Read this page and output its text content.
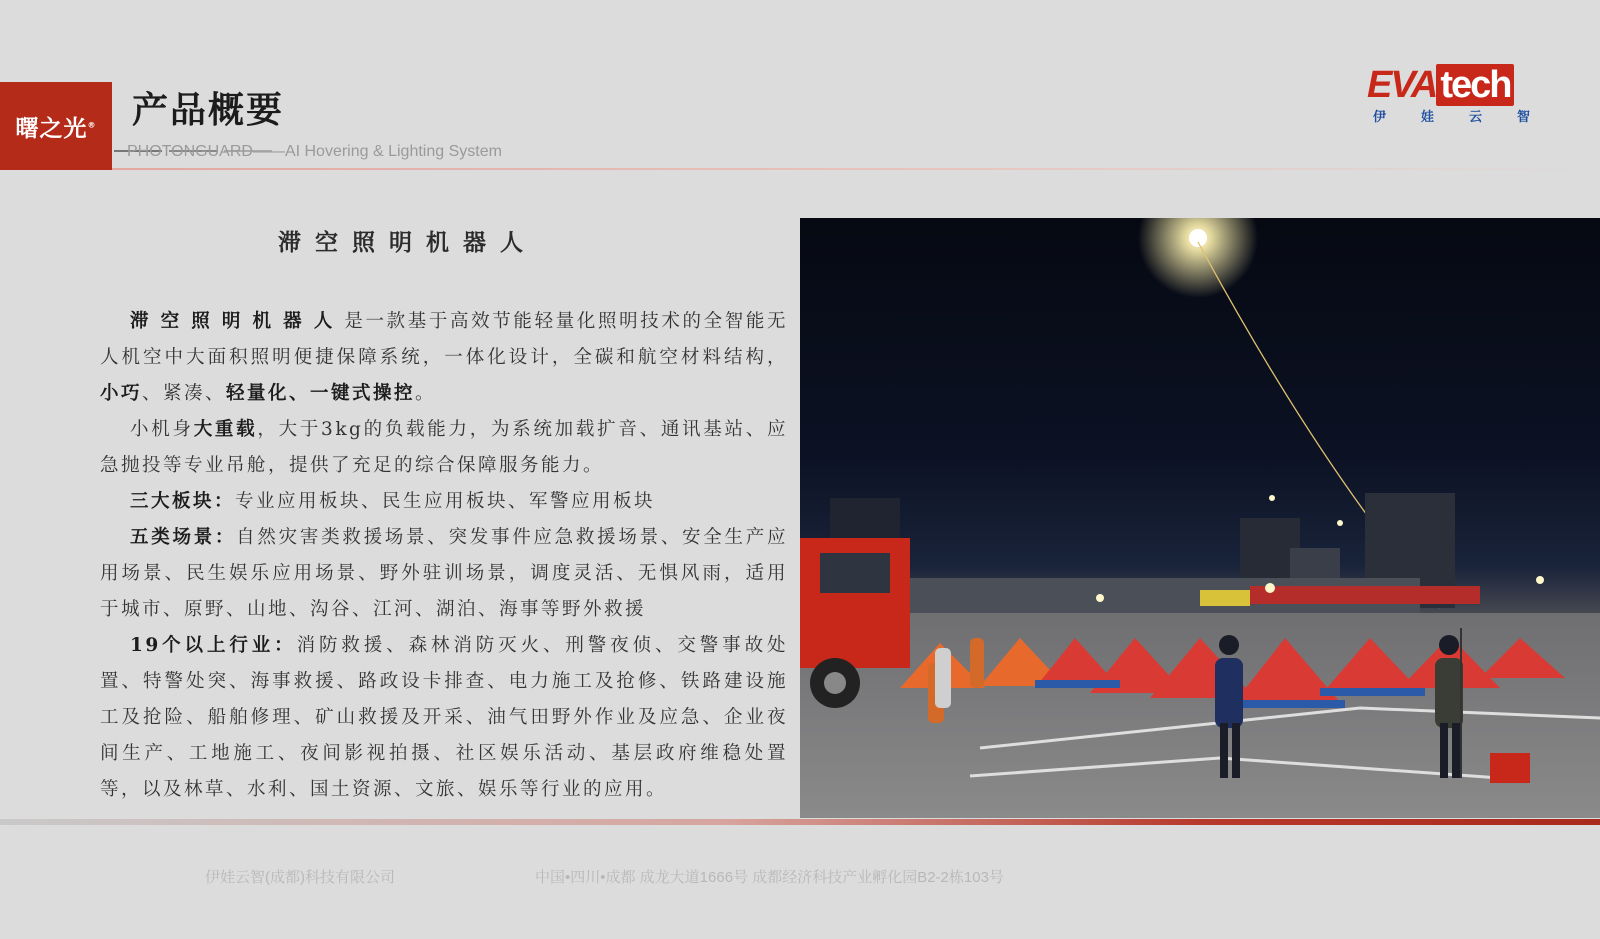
曙之光® 产品概要
PHOTONGUARD——AI Hovering & Lighting System
EVA tech
伊	娃	云	智
滞空照明机器人

滞空照明机器人是一款基于高效节能轻量化照明技术的全智能无人机空中大面积照明便捷保障系统，一体化设计，全碳和航空材料结构，小巧、紧凑、轻量化、一键式操控。

小机身大重载，大于3kg的负载能力，为系统加载扩音、通讯基站、应急抛投等专业吊舱，提供了充足的综合保障服务能力。

三大板块：专业应用板块、民生应用板块、军警应用板块

五类场景：自然灾害类救援场景、突发事件应急救援场景、安全生产应用场景、民生娱乐应用场景、野外驻训场景，调度灵活、无惧风雨，适用于城市、原野、山地、沟谷、江河、湖泊、海事等野外救援

19个以上行业：消防救援、森林消防灭火、刑警夜侦、交警事故处置、特警处突、海事救援、路政设卡排查、电力施工及抢修、铁路建设施工及抢险、船舶修理、矿山救援及开采、油气田野外作业及应急、企业夜间生产、工地施工、夜间影视拍摄、社区娱乐活动、基层政府维稳处置等，以及林草、水利、国土资源、文旅、娱乐等行业的应用。

伊娃云智(成都)科技有限公司	中国•四川•成都 成龙大道1666号 成都经济科技产业孵化园B2-2栋103号
